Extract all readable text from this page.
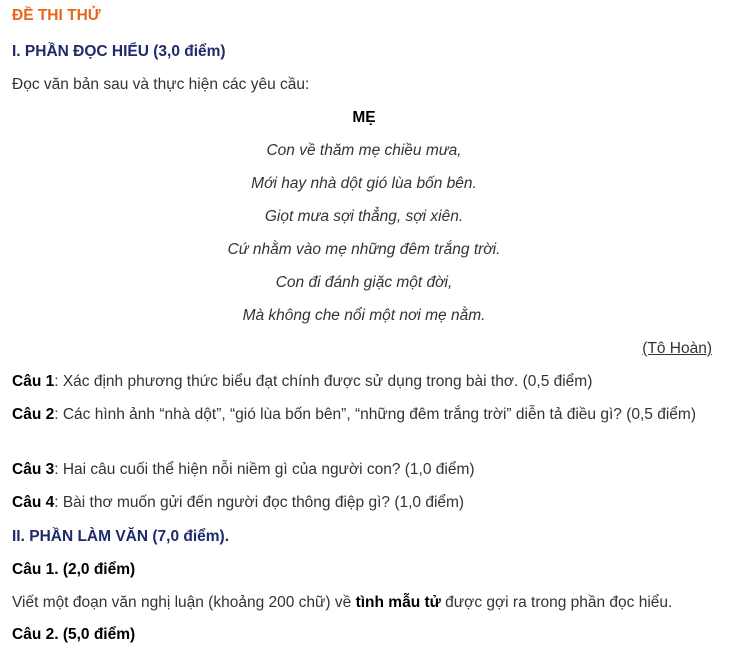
ĐỀ THI THỬ

I. PHẦN ĐỌC HIỂU (3,0 điểm)

Đọc văn bản sau và thực hiện các yêu cầu:

MẸ

Con về thăm mẹ chiều mưa,

Mới hay nhà dột gió lùa bốn bên.

Giọt mưa sợi thẳng, sợi xiên.

Cứ nhằm vào mẹ những đêm trắng trời.

Con đi đánh giặc một đời,

Mà không che nổi một nơi mẹ nằm.

(Tô Hoàn)

Câu 1: Xác định phương thức biểu đạt chính được sử dụng trong bài thơ. (0,5 điểm)

Câu 2: Các hình ảnh “nhà dột”, “gió lùa bốn bên”, “những đêm trắng trời” diễn tả điều gì? (0,5 điểm)

Câu 3: Hai câu cuối thể hiện nỗi niềm gì của người con? (1,0 điểm)

Câu 4: Bài thơ muốn gửi đến người đọc thông điệp gì? (1,0 điểm)

II. PHẦN LÀM VĂN (7,0 điểm).

Câu 1. (2,0 điểm)

Viết một đoạn văn nghị luận (khoảng 200 chữ) về tình mẫu tử được gợi ra trong phần đọc hiểu.

Câu 2. (5,0 điểm)
